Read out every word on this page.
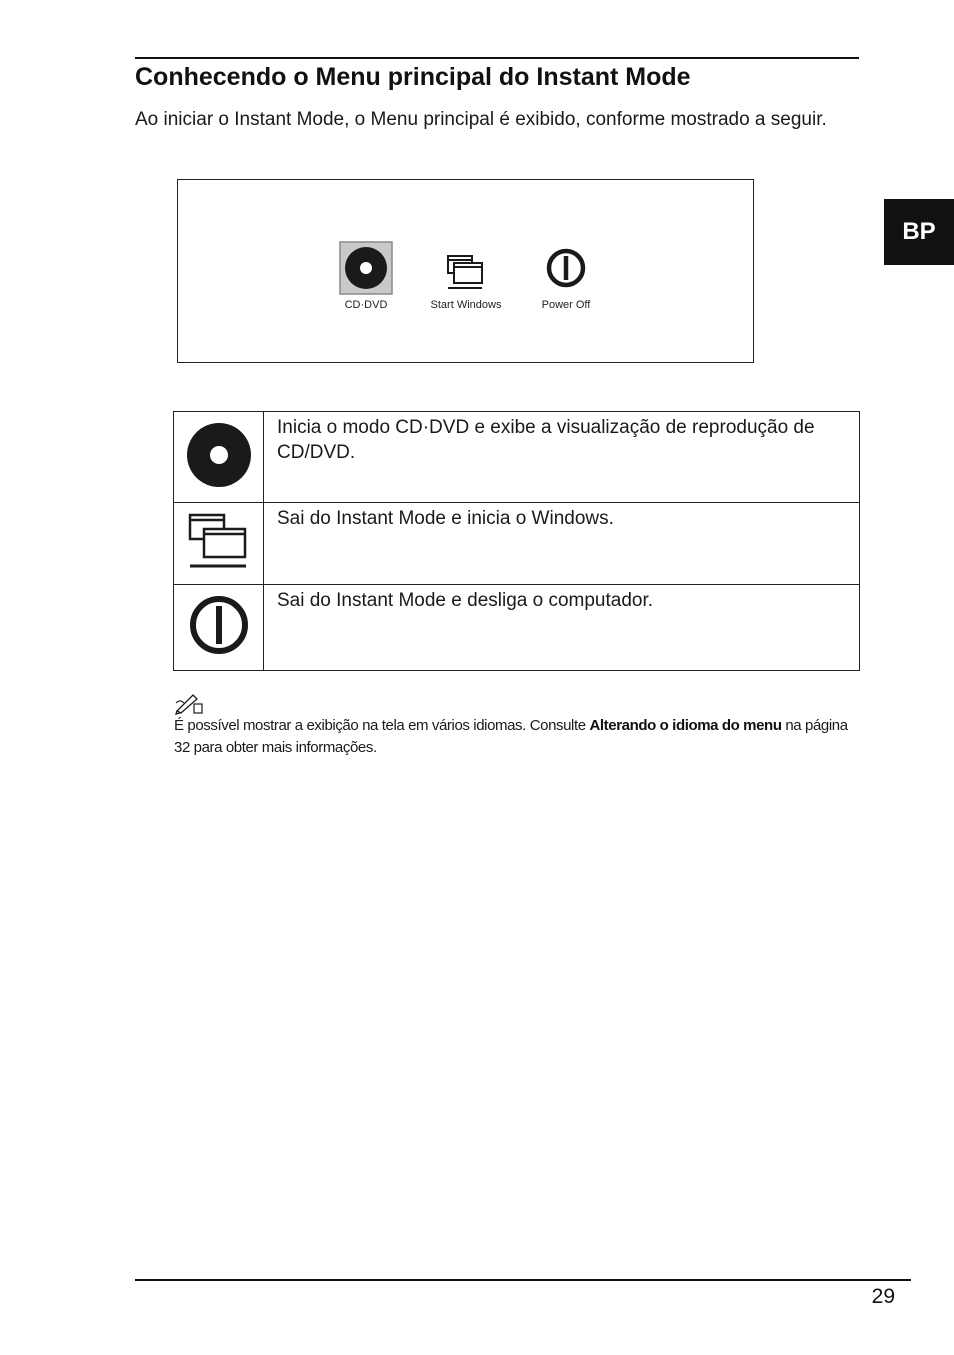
Conhecendo o Menu principal do Instant Mode

Ao iniciar o Instant Mode, o Menu principal é exibido, conforme mostrado a seguir.

BP
CD·DVD	Start Windows	Power Off
	Inicia o modo CD·DVD e exibe a visualização de reprodução de CD/DVD.
	Sai do Instant Mode e inicia o Windows.
	Sai do Instant Mode e desliga o computador.

É possível mostrar a exibição na tela em vários idiomas. Consulte Alterando o idioma do menu na página 32 para obter mais informações.

29
